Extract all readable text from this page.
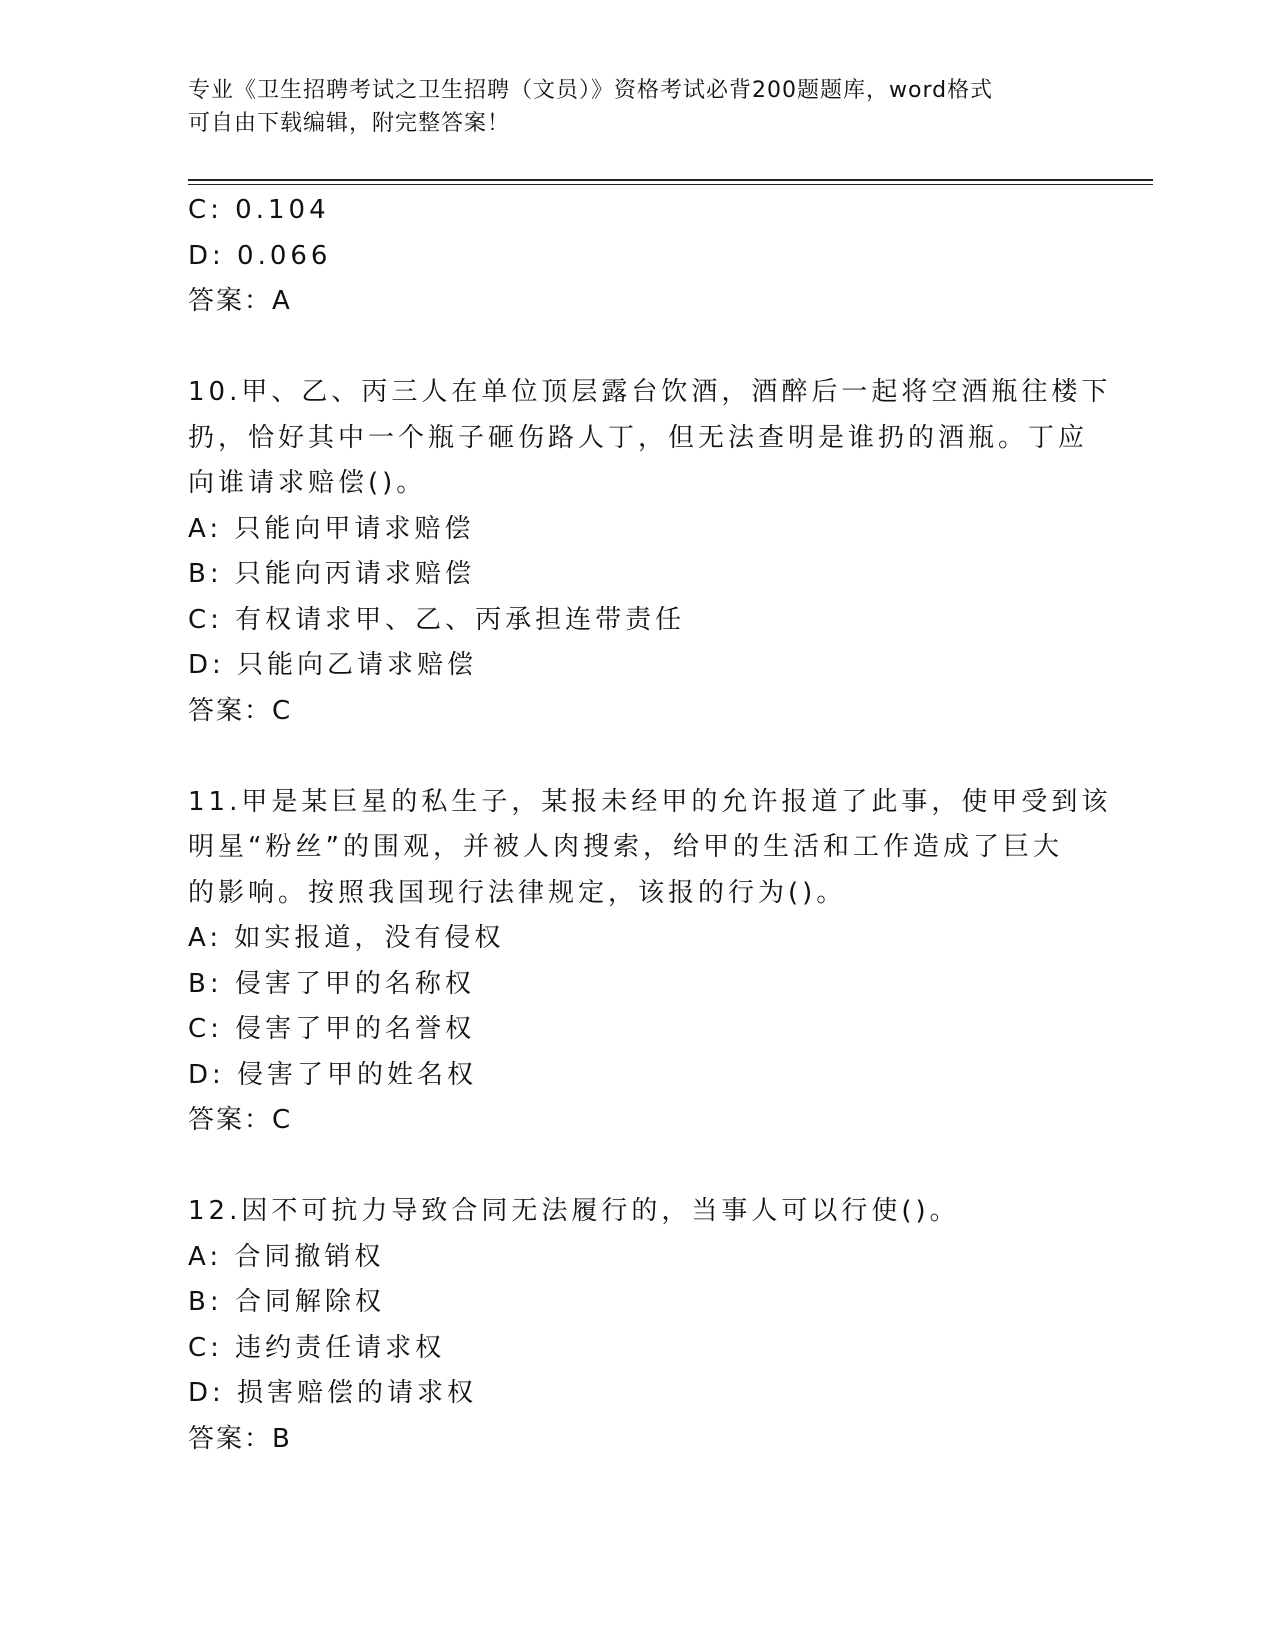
专业《卫生招聘考试之卫生招聘（文员）》资格考试必背200题题库，word格式
可自由下载编辑，附完整答案！
C: 0.104
D: 0.066
答案：A
10.甲、乙、丙三人在单位顶层露台饮酒，酒醉后一起将空酒瓶往楼下
扔，恰好其中一个瓶子砸伤路人丁，但无法查明是谁扔的酒瓶。丁应
向谁请求赔偿()。
A: 只能向甲请求赔偿
B: 只能向丙请求赔偿
C: 有权请求甲、乙、丙承担连带责任
D: 只能向乙请求赔偿
答案：C
11.甲是某巨星的私生子，某报未经甲的允许报道了此事，使甲受到该
明星“粉丝”的围观，并被人肉搜索，给甲的生活和工作造成了巨大
的影响。按照我国现行法律规定，该报的行为()。
A: 如实报道，没有侵权
B: 侵害了甲的名称权
C: 侵害了甲的名誉权
D: 侵害了甲的姓名权
答案：C
12.因不可抗力导致合同无法履行的，当事人可以行使()。
A: 合同撤销权
B: 合同解除权
C: 违约责任请求权
D: 损害赔偿的请求权
答案：B
